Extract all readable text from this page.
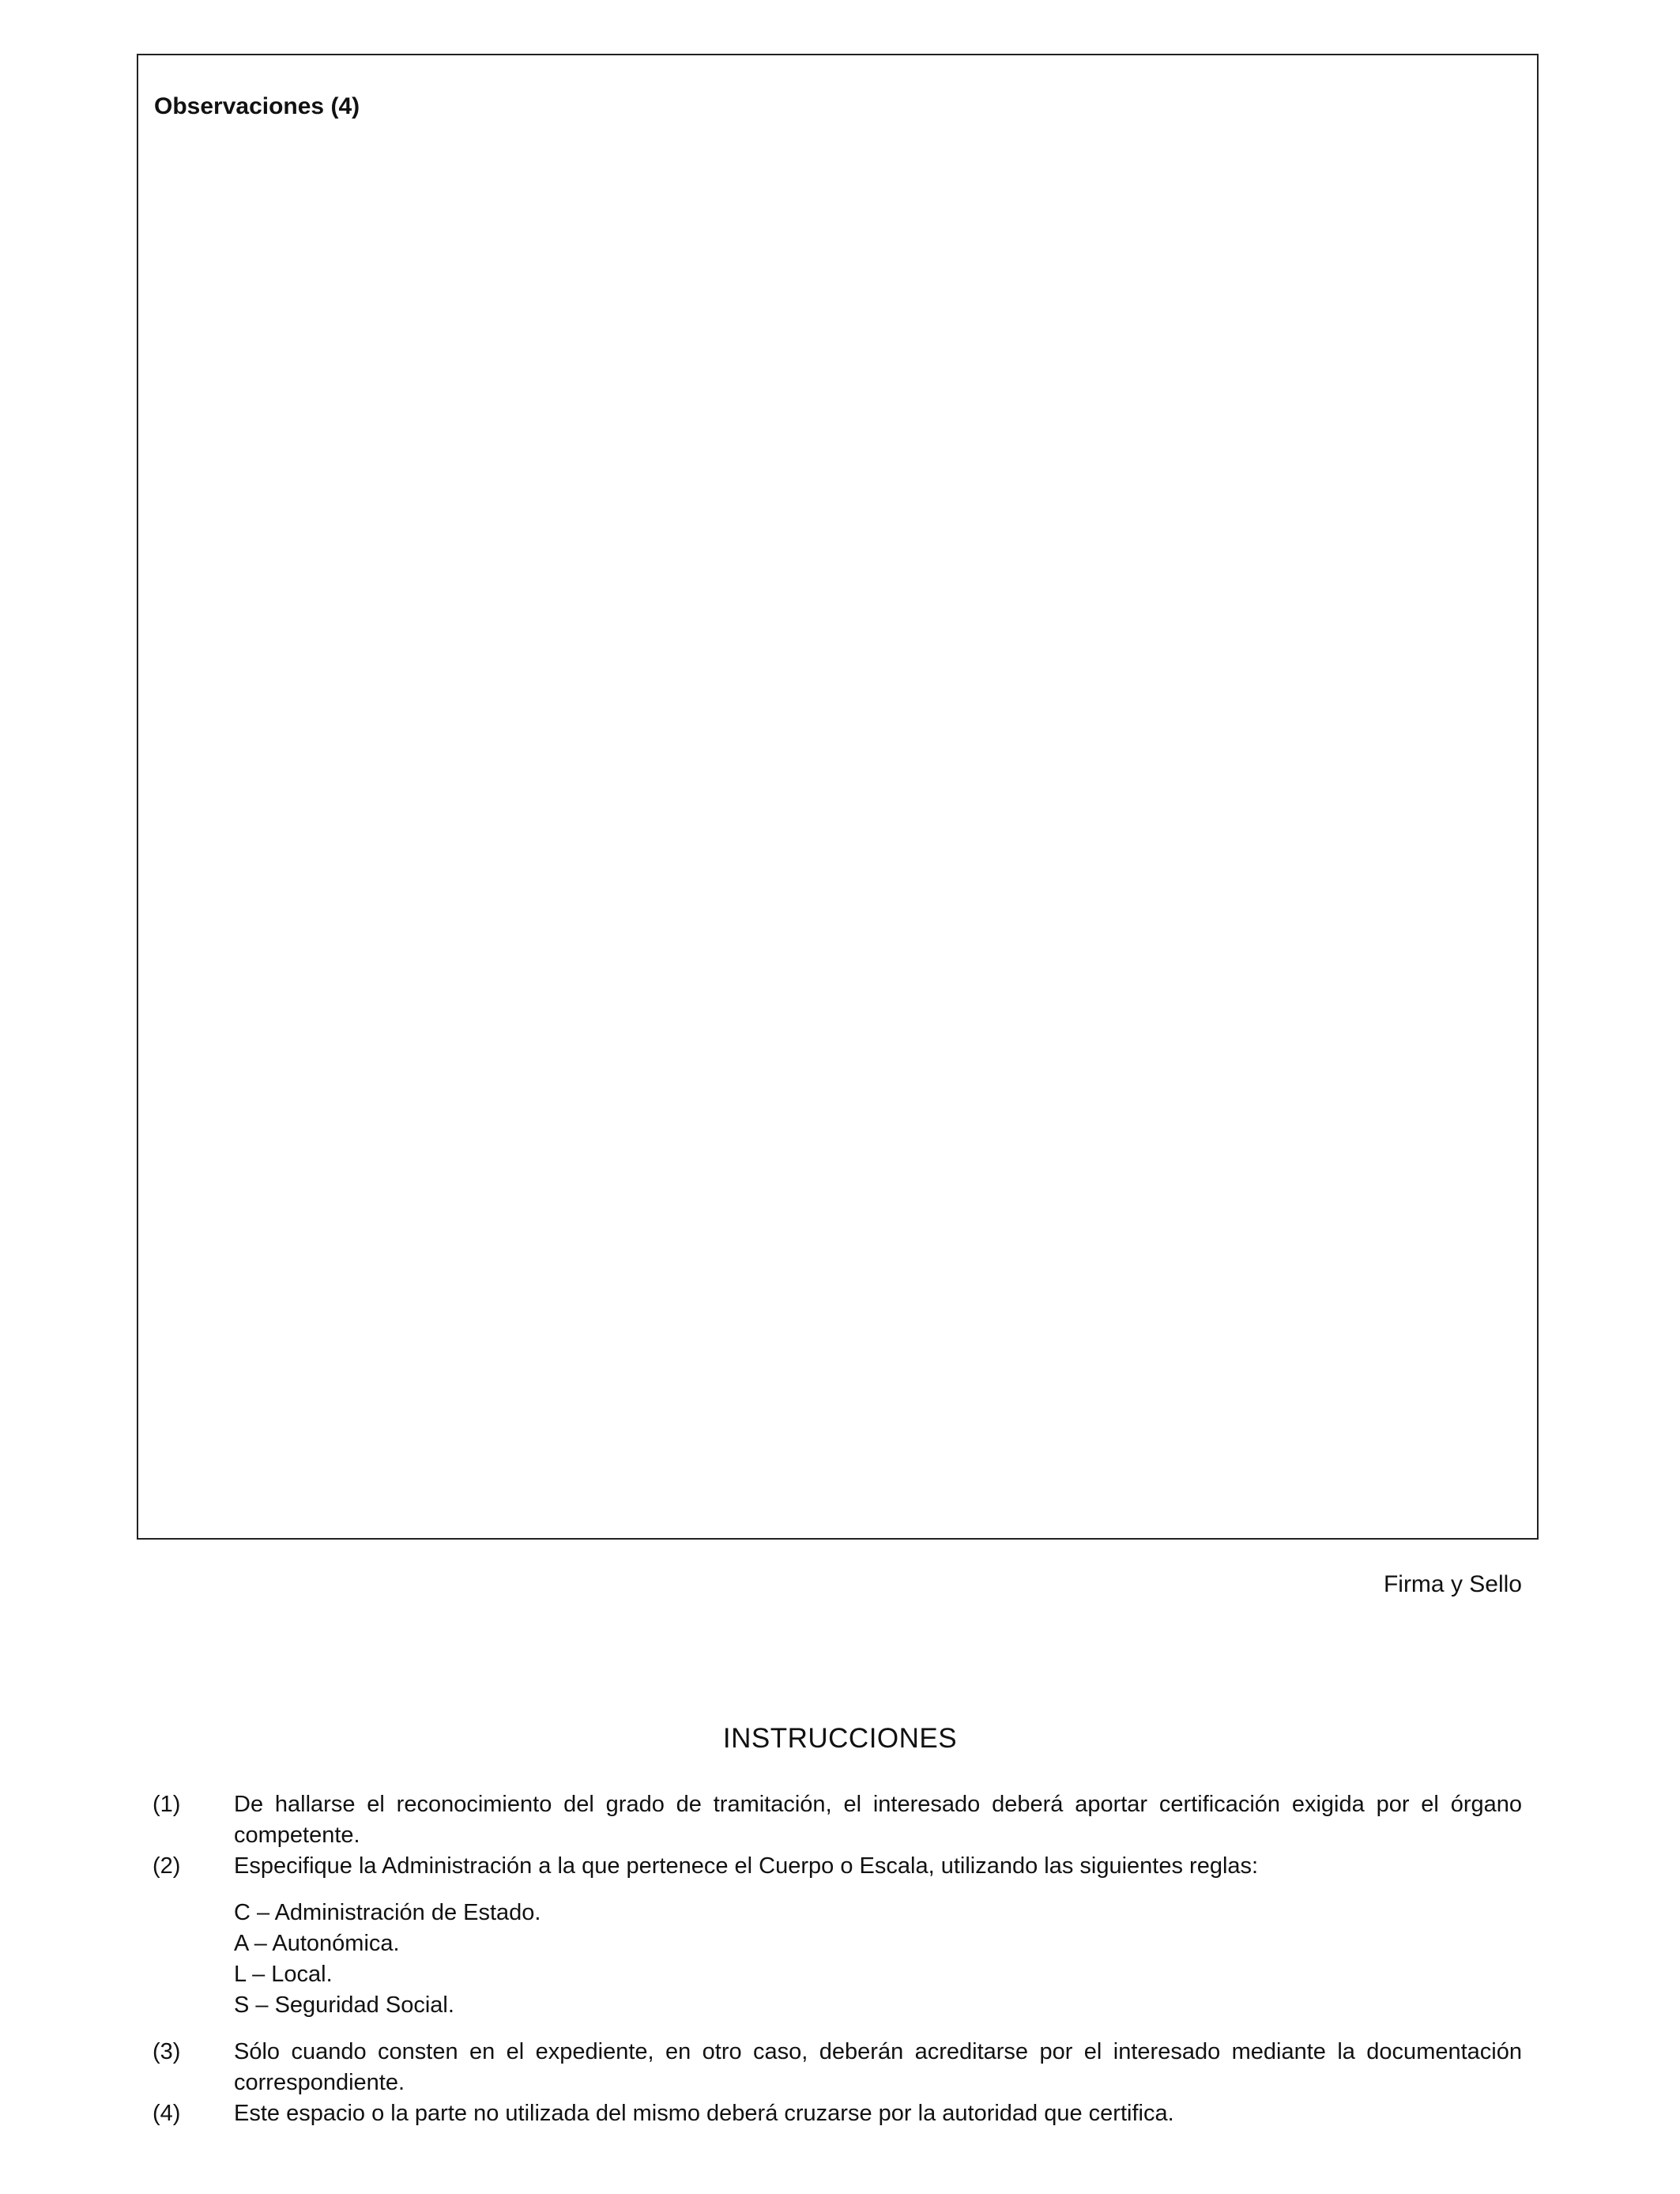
Observaciones (4)
Firma y Sello
INSTRUCCIONES
(1)	De hallarse el reconocimiento del grado de tramitación, el interesado deberá aportar certificación exigida por el órgano competente.
(2)	Especifique la Administración a la que pertenece el Cuerpo o Escala, utilizando las siguientes reglas:
C – Administración de Estado.
A – Autonómica.
L – Local.
S – Seguridad Social.
(3)	Sólo cuando consten en el expediente, en otro caso, deberán acreditarse por el interesado mediante la documentación correspondiente.
(4)	Este espacio o la parte no utilizada del mismo deberá cruzarse por la autoridad que certifica.
